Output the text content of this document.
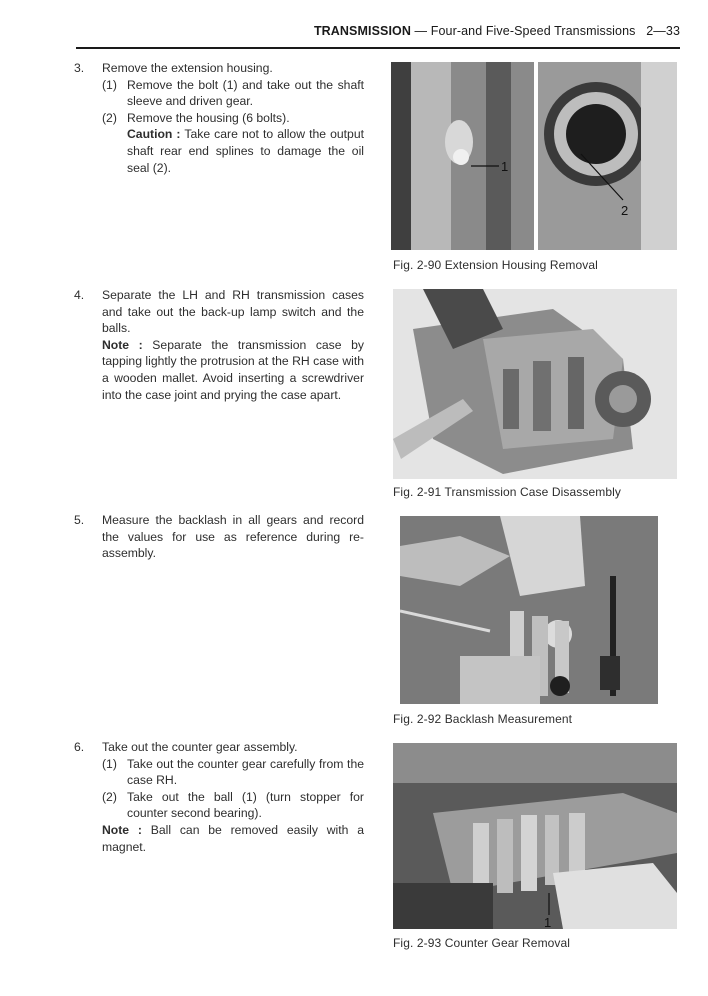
TRANSMISSION — Four-and Five-Speed Transmissions 2—33
3. Remove the extension housing.
(1) Remove the bolt (1) and take out the shaft sleeve and driven gear.
(2) Remove the housing (6 bolts).
Caution : Take care not to allow the output shaft rear end splines to damage the oil seal (2).
4. Separate the LH and RH transmission cases and take out the back-up lamp switch and the balls.
Note : Separate the transmission case by tapping lightly the protrusion at the RH case with a wooden mallet. Avoid inserting a screwdriver into the case joint and prying the case apart.
5. Measure the backlash in all gears and record the values for use as reference during re-assembly.
6. Take out the counter gear assembly.
(1) Take out the counter gear carefully from the case RH.
(2) Take out the ball (1) (turn stopper for counter second bearing).
Note : Ball can be removed easily with a magnet.
1
2
Fig. 2-90 Extension Housing Removal
Fig. 2-91 Transmission Case Disassembly
Fig. 2-92 Backlash Measurement
1
Fig. 2-93 Counter Gear Removal
